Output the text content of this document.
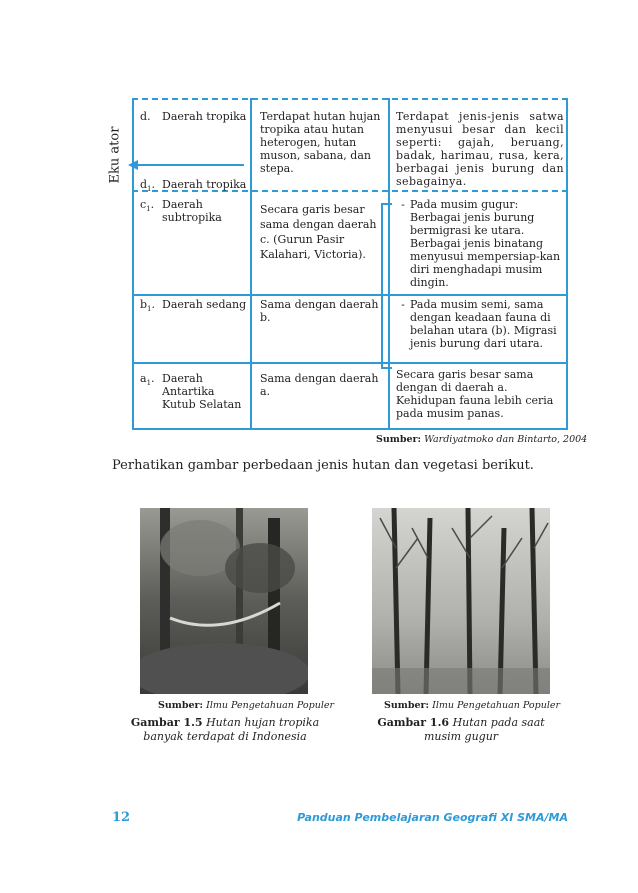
Eku ator
d.	Daerah tropika Terdapat hutan hujan tropika atau hutan heterogen, hutan muson, sabana, dan stepa.
Terdapat jenis-jenis satwa menyusui besar dan kecil seperti: gajah, beruang, badak, harimau, rusa, kera, berbagai jenis burung dan sebagainya.
$d_1$. Daerah tropika
$c_1$. Daerah subtropika
Secara garis besar sama dengan daerah c. (Gurun Pasir Kalahari, Victoria).
- Pada musim gugur: Berbagai jenis burung bermigrasi ke utara. Berbagai jenis binatang menyusui mempersiap-kan diri menghadapi musim dingin.
$b_1$. Daerah sedang Sama dengan daerah b.
- Pada musim semi, sama dengan keadaan fauna di belahan utara (b). Migrasi jenis burung dari utara.
$a_1$. Daerah Antartika Kutub Selatan
Sama dengan daerah a.
Secara garis besar sama dengan di daerah a. Kehidupan fauna lebih ceria pada musim panas.
Sumber: Wardiyatmoko dan Bintarto, 2004
Perhatikan gambar perbedaan jenis hutan dan vegetasi berikut.
Sumber: Ilmu Pengetahuan Populer
Gambar 1.5 Hutan hujan tropika
banyak terdapat di Indonesia
Sumber: Ilmu Pengetahuan Populer
Gambar 1.6 Hutan pada saat
musim gugur
12	Panduan Pembelajaran Geografi XI SMA/MA
